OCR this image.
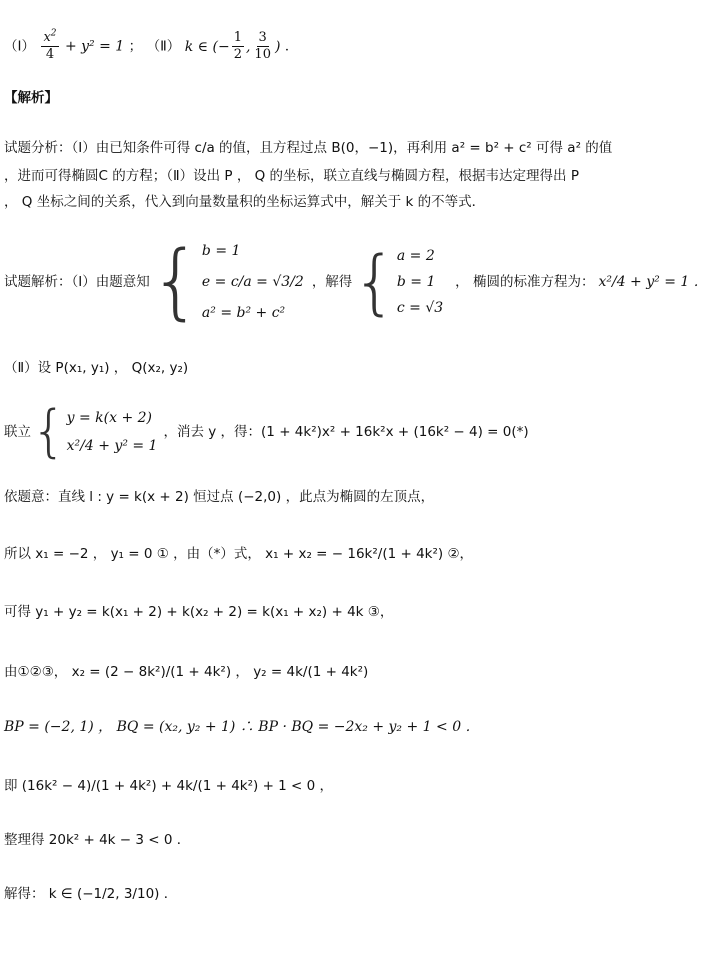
（Ⅰ） $\frac{x^2}{4} + y^2 = 1$ ； （Ⅱ） k ∈ (− $\frac{1}{2}$ , $\frac{3}{10}$ ) ．
【解析】
试题分析：（Ⅰ）由已知条件可得 c/a 的值，且方程过点 B(0，−1)，再利用 a² = b² + c² 可得 a² 的值
，进而可得椭圆C 的方程；（Ⅱ）设出 P ， Q 的坐标，联立直线与椭圆方程，根据韦达定理得出 P
， Q 坐标之间的关系，代入到向量数量积的坐标运算式中，解关于 k 的不等式．
试题解析：（Ⅰ）由题意知 { b = 1
e = c/a = √3/2
a² = b² + c²
，解得 { a = 2
b = 1
c = √3
， 椭圆的标准方程为： x²/4 + y² = 1 ．
（Ⅱ）设 P(x₁, y₁) ， Q(x₂, y₂)
联立 { y = k(x + 2)
x²/4 + y² = 1
，消去 y ，得：(1 + 4k²)x² + 16k²x + (16k² − 4) = 0(*)
依题意：直线 l : y = k(x + 2) 恒过点 (−2,0) ，此点为椭圆的左顶点，
所以 x₁ = −2 ， y₁ = 0 ① ，由（*）式， x₁ + x₂ = − 16k²/(1 + 4k²) ②，
可得 y₁ + y₂ = k(x₁ + 2) + k(x₂ + 2) = k(x₁ + x₂) + 4k ③，
由①②③， x₂ = (2 − 8k²)/(1 + 4k²) ， y₂ = 4k/(1 + 4k²)
BP = (−2, 1) ， BQ = (x₂, y₂ + 1) ∴ BP · BQ = −2x₂ + y₂ + 1 < 0 ．
即 (16k² − 4)/(1 + 4k²) + 4k/(1 + 4k²) + 1 < 0 ，
整理得 20k² + 4k − 3 < 0 ．
解得： k ∈ (−1/2, 3/10) ．
